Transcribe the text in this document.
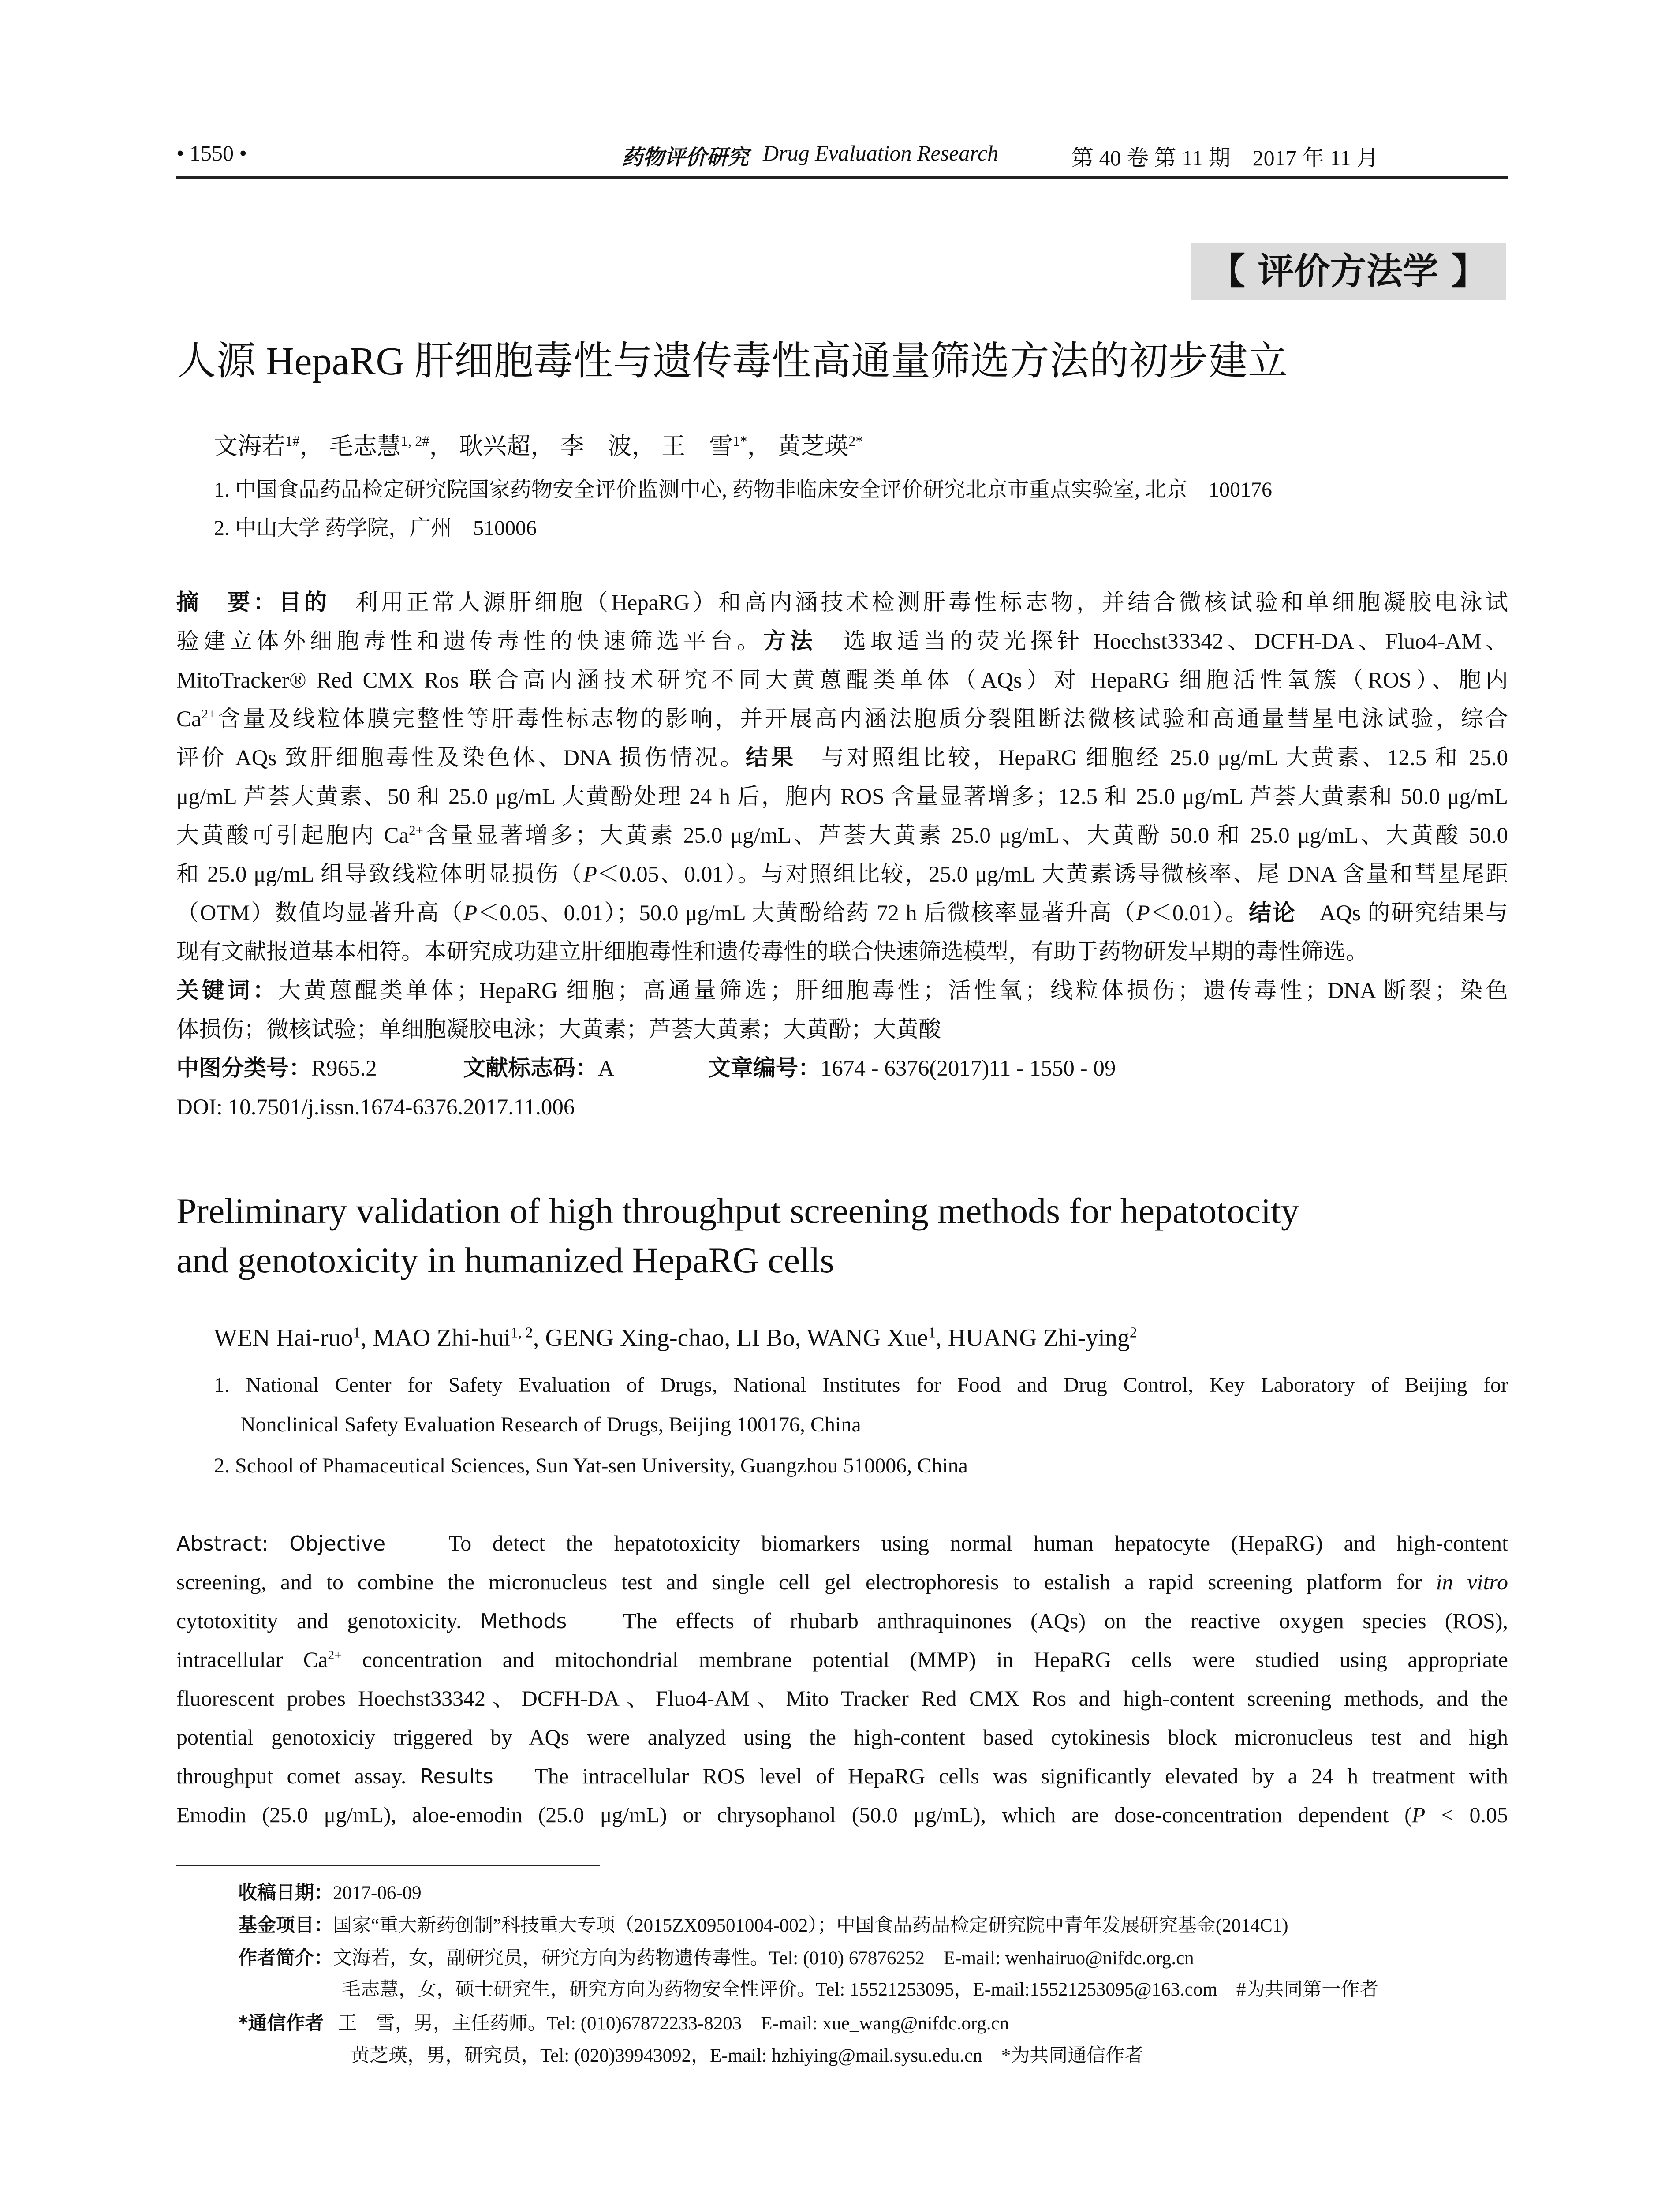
• 1550 •	药物评价研究 Drug Evaluation Research	第 40 卷 第 11 期　2017 年 11 月
【 评价方法学 】
人源 HepaRG 肝细胞毒性与遗传毒性高通量筛选方法的初步建立
文海若$^{1\#}$， 毛志慧$^{1, 2\#}$， 耿兴超， 李　波， 王　雪$^{1*}$， 黄芝瑛$^{2*}$
1. 中国食品药品检定研究院国家药物安全评价监测中心, 药物非临床安全评价研究北京市重点实验室, 北京　100176
2. 中山大学 药学院，广州　510006
摘　要：目的　利用正常人源肝细胞（HepaRG）和高内涵技术检测肝毒性标志物，并结合微核试验和单细胞凝胶电泳试
验建立体外细胞毒性和遗传毒性的快速筛选平台。方法　选取适当的荧光探针 Hoechst33342、DCFH-DA、Fluo4-AM、
MitoTracker® Red CMX Ros 联合高内涵技术研究不同大黄蒽醌类单体（AQs）对 HepaRG 细胞活性氧簇（ROS）、胞内
$Ca^{2+}$含量及线粒体膜完整性等肝毒性标志物的影响，并开展高内涵法胞质分裂阻断法微核试验和高通量彗星电泳试验，综合
评价 AQs 致肝细胞毒性及染色体、DNA 损伤情况。结果　与对照组比较，HepaRG 细胞经 25.0 μg/mL 大黄素、12.5 和 25.0
μg/mL 芦荟大黄素、50 和 25.0 μg/mL 大黄酚处理 24 h 后，胞内 ROS 含量显著增多；12.5 和 25.0 μg/mL 芦荟大黄素和 50.0 μg/mL
大黄酸可引起胞内 $Ca^{2+}$含量显著增多；大黄素 25.0 μg/mL、芦荟大黄素 25.0 μg/mL、大黄酚 50.0 和 25.0 μg/mL、大黄酸 50.0
和 25.0 μg/mL 组导致线粒体明显损伤（P＜0.05、0.01）。与对照组比较，25.0 μg/mL 大黄素诱导微核率、尾 DNA 含量和彗星尾距
（OTM）数值均显著升高（P＜0.05、0.01）；50.0 μg/mL 大黄酚给药 72 h 后微核率显著升高（P＜0.01）。结论　AQs 的研究结果与
现有文献报道基本相符。本研究成功建立肝细胞毒性和遗传毒性的联合快速筛选模型，有助于药物研发早期的毒性筛选。
关键词：大黄蒽醌类单体；HepaRG 细胞；高通量筛选；肝细胞毒性；活性氧；线粒体损伤；遗传毒性；DNA 断裂；染色
体损伤；微核试验；单细胞凝胶电泳；大黄素；芦荟大黄素；大黄酚；大黄酸
中图分类号：R965.2	文献标志码：A	文章编号：1674 - 6376(2017)11 - 1550 - 09
DOI: 10.7501/j.issn.1674-6376.2017.11.006
Preliminary validation of high throughput screening methods for hepatotocity
and genotoxicity in humanized HepaRG cells
WEN Hai-ruo$^1$, MAO Zhi-hui$^{1, 2}$, GENG Xing-chao, LI Bo, WANG Xue$^1$, HUANG Zhi-ying$^2$
1. National Center for Safety Evaluation of Drugs, National Institutes for Food and Drug Control, Key Laboratory of Beijing for
Nonclinical Safety Evaluation Research of Drugs, Beijing 100176, China
2. School of Phamaceutical Sciences, Sun Yat-sen University, Guangzhou 510006, China
Abstract: Objective	To detect the hepatotoxicity biomarkers using normal human hepatocyte (HepaRG) and high-content
screening, and to combine the micronucleus test and single cell gel electrophoresis to estalish a rapid screening platform for in vitro
cytotoxitity and genotoxicity. Methods	The effects of rhubarb anthraquinones (AQs) on the reactive oxygen species (ROS),
intracellular $Ca^{2+}$ concentration and mitochondrial membrane potential (MMP) in HepaRG cells were studied using appropriate
fluorescent probes Hoechst33342、DCFH-DA、Fluo4-AM、Mito Tracker Red CMX Ros and high-content screening methods, and the
potential genotoxiciy triggered by AQs were analyzed using the high-content based cytokinesis block micronucleus test and high
throughput comet assay. Results The intracellular ROS level of HepaRG cells was significantly elevated by a 24 h treatment with
Emodin (25.0 μg/mL), aloe-emodin (25.0 μg/mL) or chrysophanol (50.0 μg/mL), which are dose-concentration dependent (P < 0.05
收稿日期：2017-06-09
基金项目：国家“重大新药创制”科技重大专项（2015ZX09501004-002）；中国食品药品检定研究院中青年发展研究基金(2014C1)
作者简介：文海若，女，副研究员，研究方向为药物遗传毒性。Tel: (010) 67876252　E-mail: wenhairuo@nifdc.org.cn
毛志慧，女，硕士研究生，研究方向为药物安全性评价。Tel: 15521253095，E-mail:15521253095@163.com　#为共同第一作者
*通信作者 王　雪，男，主任药师。Tel: (010)67872233-8203　E-mail: xue_wang@nifdc.org.cn
黄芝瑛，男，研究员，Tel: (020)39943092，E-mail: hzhiying@mail.sysu.edu.cn　*为共同通信作者
